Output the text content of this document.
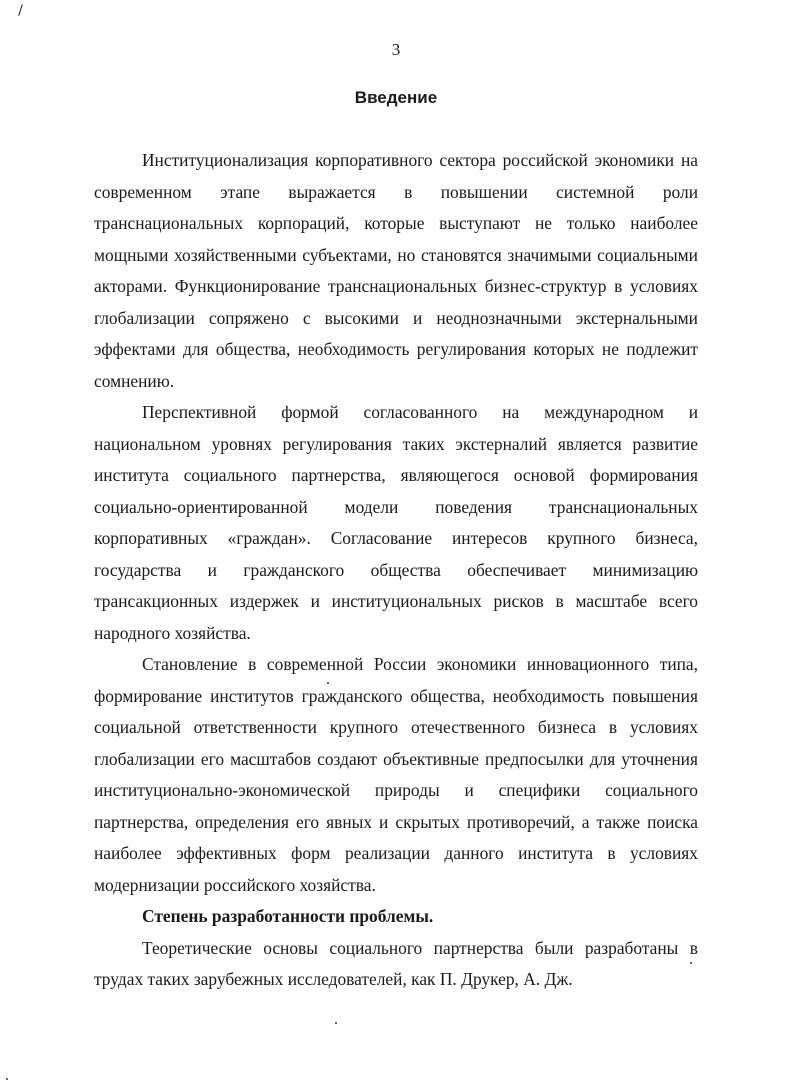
3
Введение

Институционализация корпоративного сектора российской экономики на современном этапе выражается в повышении системной роли транснациональных корпораций, которые выступают не только наиболее мощными хозяйственными субъектами, но становятся значимыми социальными акторами. Функционирование транснациональных бизнес-структур в условиях глобализации сопряжено с высокими и неоднозначными экстернальными эффектами для общества, необходимость регулирования которых не подлежит сомнению.

Перспективной формой согласованного на международном и национальном уровнях регулирования таких экстерналий является развитие института социального партнерства, являющегося основой формирования социально-ориентированной модели поведения транснациональных корпоративных «граждан». Согласование интересов крупного бизнеса, государства и гражданского общества обеспечивает минимизацию трансакционных издержек и институциональных рисков в масштабе всего народного хозяйства.

Становление в современной России экономики инновационного типа, формирование институтов гражданского общества, необходимость повышения социальной ответственности крупного отечественного бизнеса в условиях глобализации его масштабов создают объективные предпосылки для уточнения институционально-экономической природы и специфики социального партнерства, определения его явных и скрытых противоречий, а также поиска наиболее эффективных форм реализации данного института в условиях модернизации российского хозяйства.

Степень разработанности проблемы.

Теоретические основы социального партнерства были разработаны в трудах таких зарубежных исследователей, как П. Друкер, А. Дж.
